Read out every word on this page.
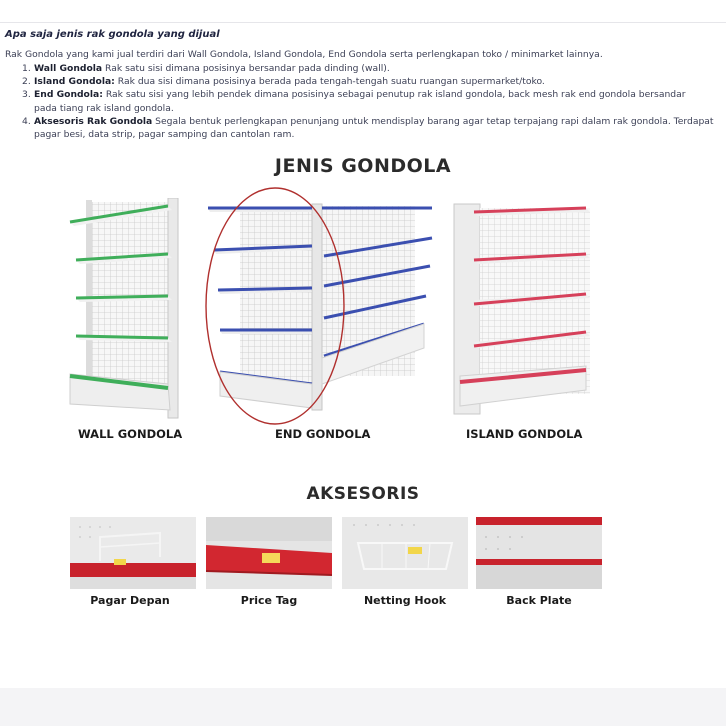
Apa saja jenis rak gondola yang dijual
Rak Gondola yang kami jual terdiri dari Wall Gondola, Island Gondola, End Gondola serta perlengkapan toko / minimarket lainnya.
1. Wall Gondola Rak satu sisi dimana posisinya bersandar pada dinding (wall).
2. Island Gondola: Rak dua sisi dimana posisinya berada pada tengah-tengah suatu ruangan supermarket/toko.
3. End Gondola: Rak satu sisi yang lebih pendek dimana posisinya sebagai penutup rak island gondola, back mesh rak end gondola bersandar pada tiang rak island gondola.
4. Aksesoris Rak Gondola Segala bentuk perlengkapan penunjang untuk mendisplay barang agar tetap terpajang rapi dalam rak gondola. Terdapat pagar besi, data strip, pagar samping dan cantolan ram.
JENIS GONDOLA
WALL GONDOLA	END GONDOLA	ISLAND GONDOLA
AKSESORIS
Pagar Depan	Price Tag	Netting Hook	Back Plate
